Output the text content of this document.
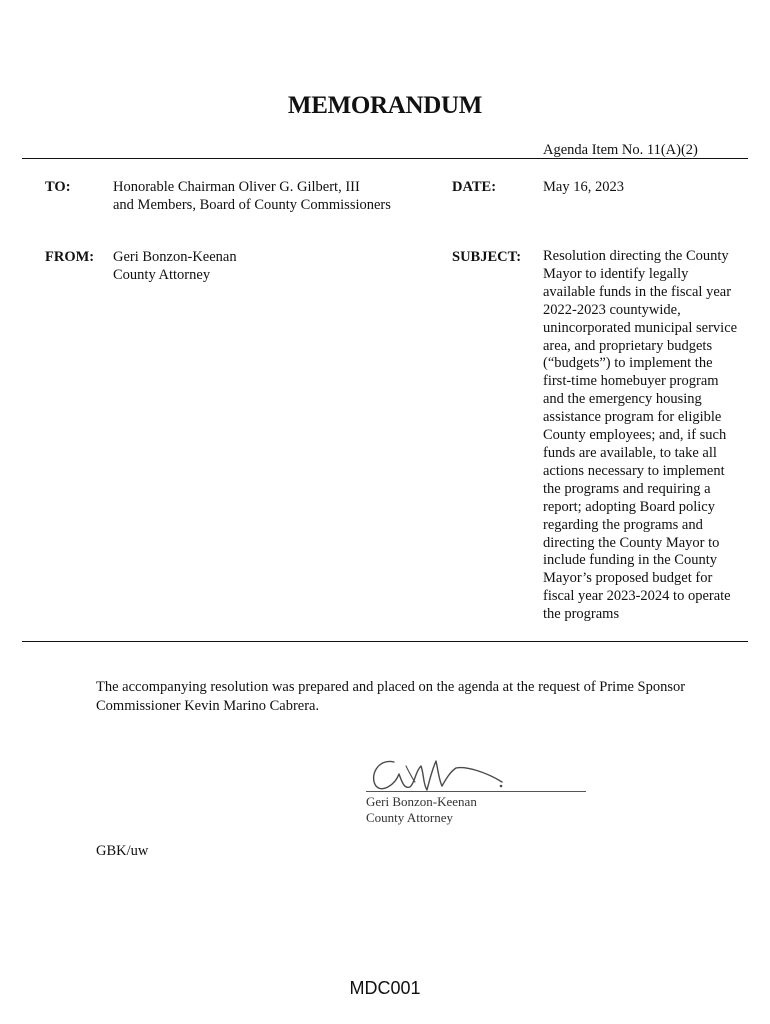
MEMORANDUM
Agenda Item No. 11(A)(2)
TO:	Honorable Chairman Oliver G. Gilbert, III
and Members, Board of County Commissioners
DATE:	May 16, 2023
FROM: Geri Bonzon-Keenan
County Attorney
SUBJECT: Resolution directing the County
Mayor to identify legally
available funds in the fiscal year
2022-2023 countywide,
unincorporated municipal service
area, and proprietary budgets
(“budgets”) to implement the
first-time homebuyer program
and the emergency housing
assistance program for eligible
County employees; and, if such
funds are available, to take all
actions necessary to implement
the programs and requiring a
report; adopting Board policy
regarding the programs and
directing the County Mayor to
include funding in the County
Mayor’s proposed budget for
fiscal year 2023-2024 to operate
the programs
The accompanying resolution was prepared and placed on the agenda at the request of Prime Sponsor
Commissioner Kevin Marino Cabrera.
Geri Bonzon-Keenan
County Attorney
GBK/uw
MDC001
